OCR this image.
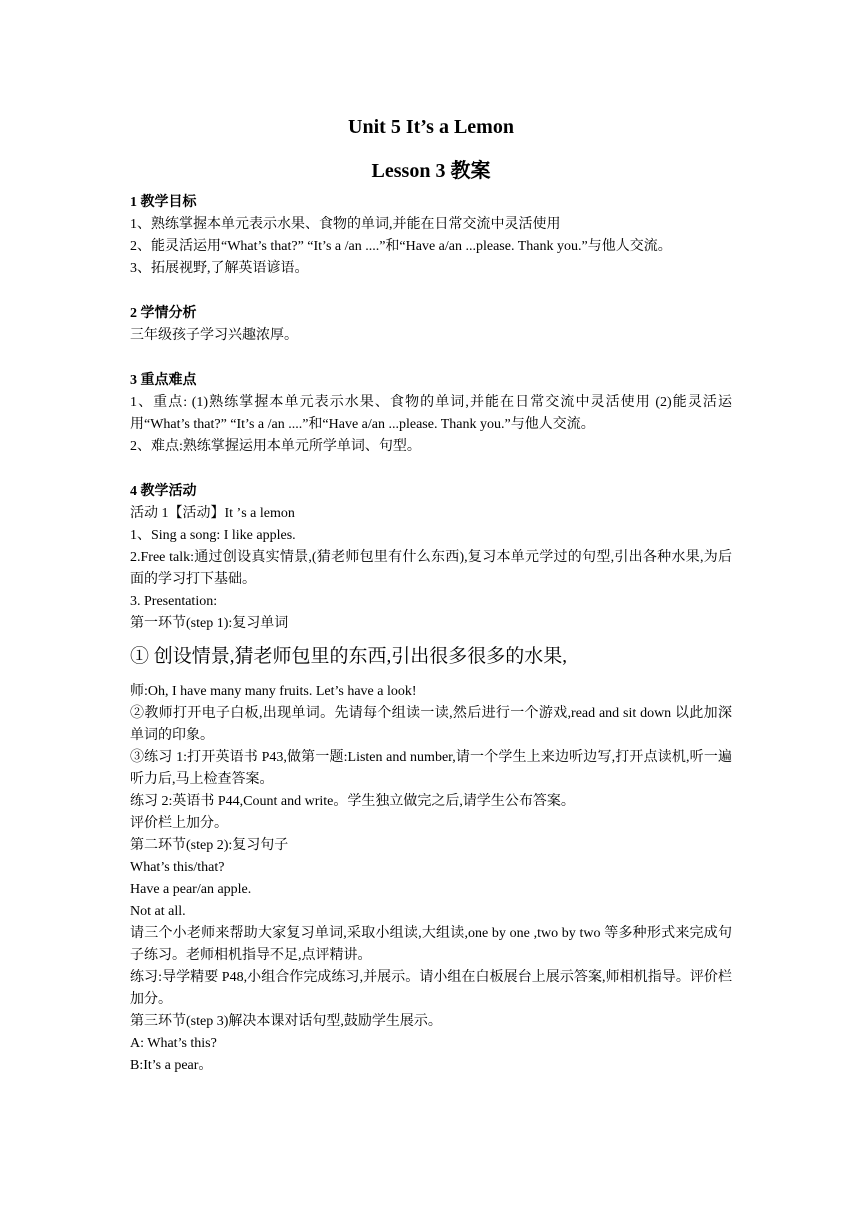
Unit 5 It’s a Lemon
Lesson 3 教案

1 教学目标

1、熟练掌握本单元表示水果、食物的单词,并能在日常交流中灵活使用

2、能灵活运用“What’s that?” “It’s a /an ....”和“Have a/an ...please. Thank you.”与他人交流。

3、拓展视野,了解英语谚语。

2 学情分析

三年级孩子学习兴趣浓厚。

3 重点难点

1、重点: (1)熟练掌握本单元表示水果、食物的单词,并能在日常交流中灵活使用 (2)能灵活运用“What’s that?” “It’s a /an ....”和“Have a/an ...please. Thank you.”与他人交流。

2、难点:熟练掌握运用本单元所学单词、句型。

4 教学活动

活动 1【活动】It ʼs a lemon

1、Sing a song: I like apples.

2.Free talk:通过创设真实情景,(猜老师包里有什么东西),复习本单元学过的句型,引出各种水果,为后面的学习打下基础。

3. Presentation:

第一环节(step 1):复习单词

① 创设情景,猜老师包里的东西,引出很多很多的水果,

师:Oh, I have many many fruits. Let’s have a look!

②教师打开电子白板,出现单词。先请每个组读一读,然后进行一个游戏,read and sit down 以此加深单词的印象。

③练习 1:打开英语书 P43,做第一题:Listen and number,请一个学生上来边听边写,打开点读机,听一遍听力后,马上检查答案。

练习 2:英语书 P44,Count and write。学生独立做完之后,请学生公布答案。

评价栏上加分。

第二环节(step 2):复习句子

What’s this/that?

Have a pear/an apple.

Not at all.

请三个小老师来帮助大家复习单词,采取小组读,大组读,one by one ,two by two 等多种形式来完成句子练习。老师相机指导不足,点评精讲。

练习:导学精要 P48,小组合作完成练习,并展示。请小组在白板展台上展示答案,师相机指导。评价栏加分。

第三环节(step 3)解决本课对话句型,鼓励学生展示。

A: What’s this?

B:It’s a pear。
